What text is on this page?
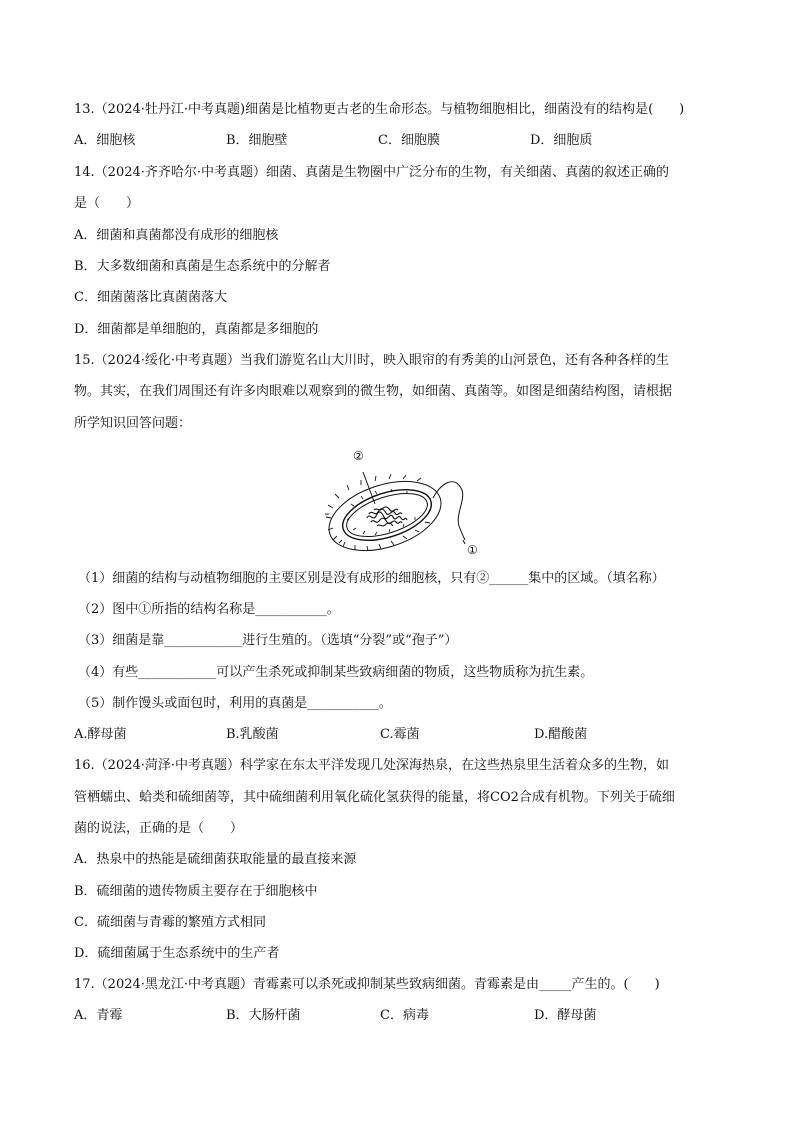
13.（2024·牡丹江·中考真题)细菌是比植物更古老的生命形态。与植物细胞相比，细菌没有的结构是(　　)
A．细胞核	B．细胞壁	C．细胞膜	D．细胞质
14.（2024·齐齐哈尔·中考真题）细菌、真菌是生物圈中广泛分布的生物，有关细菌、真菌的叙述正确的
是（　　）
A．细菌和真菌都没有成形的细胞核
B．大多数细菌和真菌是生态系统中的分解者
C．细菌菌落比真菌菌落大
D．细菌都是单细胞的，真菌都是多细胞的
15.（2024·绥化·中考真题）当我们游览名山大川时，映入眼帘的有秀美的山河景色，还有各种各样的生
物。其实，在我们周围还有许多肉眼难以观察到的微生物，如细菌、真菌等。如图是细菌结构图，请根据
所学知识回答问题：
②
①
（1）细菌的结构与动植物细胞的主要区别是没有成形的细胞核，只有②______集中的区域。（填名称）
（2）图中①所指的结构名称是___________。
（3）细菌是靠____________进行生殖的。（选填“分裂”或“孢子”）
（4）有些____________可以产生杀死或抑制某些致病细菌的物质，这些物质称为抗生素。
（5）制作馒头或面包时，利用的真菌是___________。
A.酵母菌	B.乳酸菌	C.霉菌	D.醋酸菌
16.（2024·菏泽·中考真题）科学家在东太平洋发现几处深海热泉，在这些热泉里生活着众多的生物，如
管栖蠕虫、蛤类和硫细菌等，其中硫细菌利用氧化硫化氢获得的能量，将CO2合成有机物。下列关于硫细
菌的说法，正确的是（　　）
A．热泉中的热能是硫细菌获取能量的最直接来源
B．硫细菌的遗传物质主要存在于细胞核中
C．硫细菌与青霉的繁殖方式相同
D．硫细菌属于生态系统中的生产者
17.（2024·黑龙江·中考真题）青霉素可以杀死或抑制某些致病细菌。青霉素是由_____产生的。(　　)
A．青霉	B．大肠杆菌	C．病毒	D．酵母菌
